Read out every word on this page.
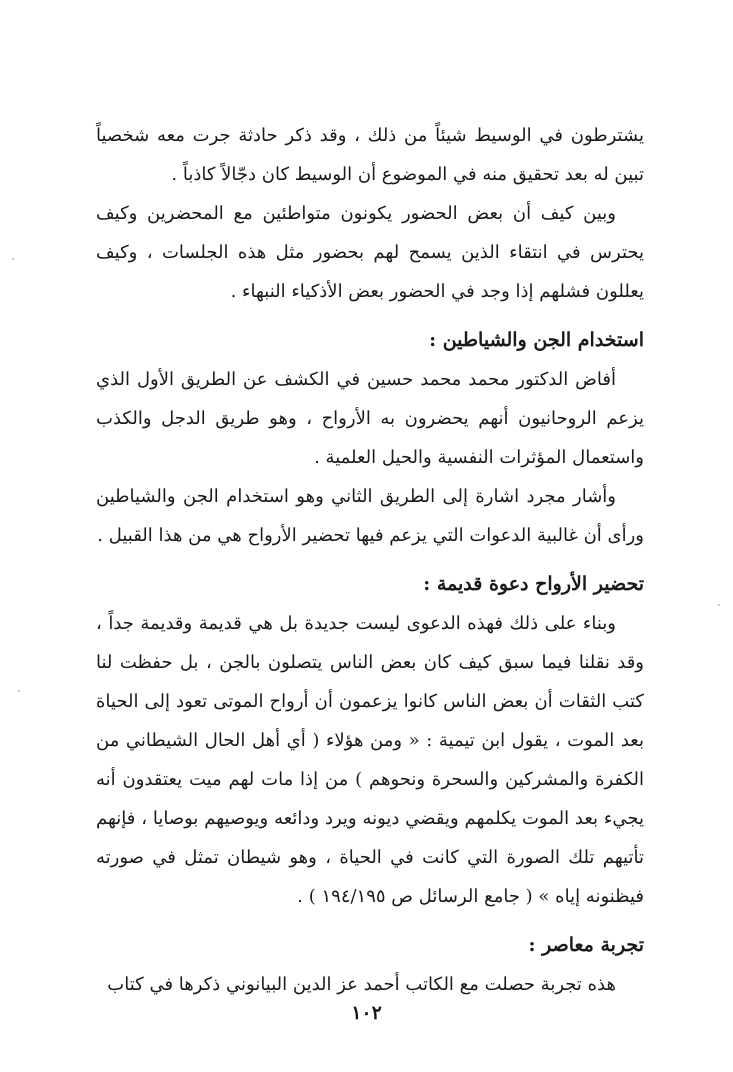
يشترطون في الوسيط شيئاً من ذلك ، وقد ذكر حادثة جرت معه شخصياً تبين له بعد تحقيق منه في الموضوع أن الوسيط كان دجّالاً كاذباً .

وبين كيف أن بعض الحضور يكونون متواطئين مع المحضرين وكيف يحترس في انتقاء الذين يسمح لهم بحضور مثل هذه الجلسات ، وكيف يعللون فشلهم إذا وجد في الحضور بعض الأذكياء النبهاء .

استخدام الجن والشياطين :

أفاض الدكتور محمد محمد حسين في الكشف عن الطريق الأول الذي يزعم الروحانيون أنهم يحضرون به الأرواح ، وهو طريق الدجل والكذب واستعمال المؤثرات النفسية والحيل العلمية .

وأشار مجرد اشارة إلى الطريق الثاني وهو استخدام الجن والشياطين ورأى أن غالبية الدعوات التي يزعم فيها تحضير الأرواح هي من هذا القبيل .

تحضير الأرواح دعوة قديمة :

وبناء على ذلك فهذه الدعوى ليست جديدة بل هي قديمة وقديمة جداً ، وقد نقلنا فيما سبق كيف كان بعض الناس يتصلون بالجن ، بل حفظت لنا كتب الثقات أن بعض الناس كانوا يزعمون أن أرواح الموتى تعود إلى الحياة بعد الموت ، يقول ابن تيمية : « ومن هؤلاء ( أي أهل الحال الشيطاني من الكفرة والمشركين والسحرة ونحوهم ) من إذا مات لهم ميت يعتقدون أنه يجيء بعد الموت يكلمهم ويقضي ديونه ويرد ودائعه ويوصيهم بوصايا ، فإنهم تأتيهم تلك الصورة التي كانت في الحياة ، وهو شيطان تمثل في صورته فيظنونه إياه » ( جامع الرسائل ص ١٩٤/١٩٥ ) .

تجربة معاصر :

هذه تجربة حصلت مع الكاتب أحمد عز الدين البيانوني ذكرها في كتاب

١٠٢
